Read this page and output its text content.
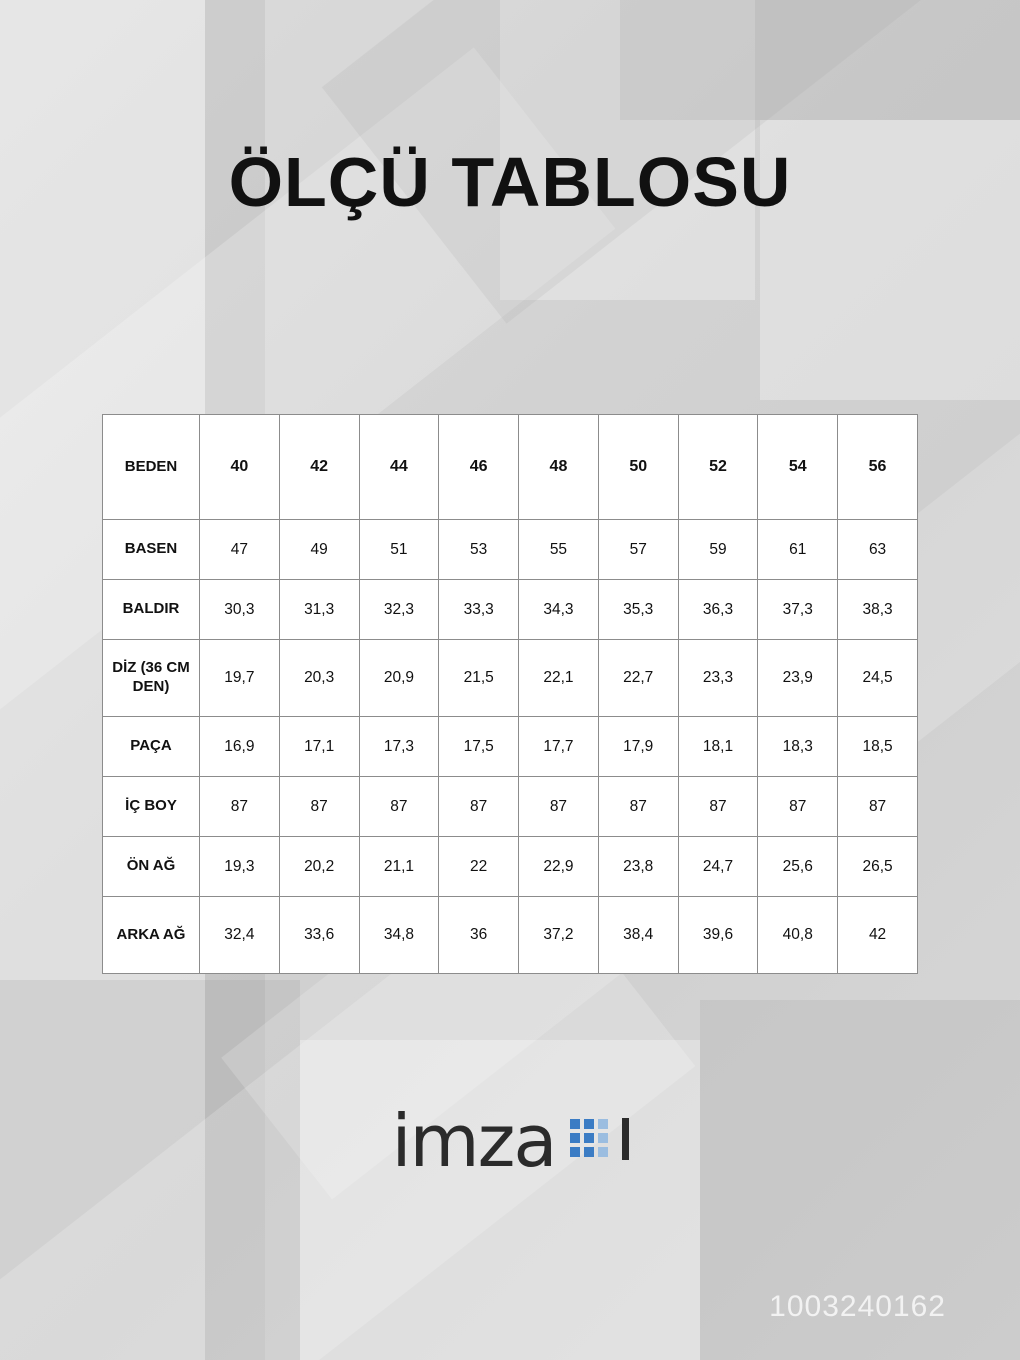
ÖLÇÜ TABLOSU
BEDEN	40	42	44	46	48	50	52	54	56
BASEN	47	49	51	53	55	57	59	61	63
BALDIR	30,3	31,3	32,3	33,3	34,3	35,3	36,3	37,3	38,3
DİZ (36 CM DEN)	19,7	20,3	20,9	21,5	22,1	22,7	23,3	23,9	24,5
PAÇA	16,9	17,1	17,3	17,5	17,7	17,9	18,1	18,3	18,5
İÇ BOY	87	87	87	87	87	87	87	87	87
ÖN AĞ	19,3	20,2	21,1	22	22,9	23,8	24,7	25,6	26,5
ARKA AĞ	32,4	33,6	34,8	36	37,2	38,4	39,6	40,8	42
imza
1003240162
